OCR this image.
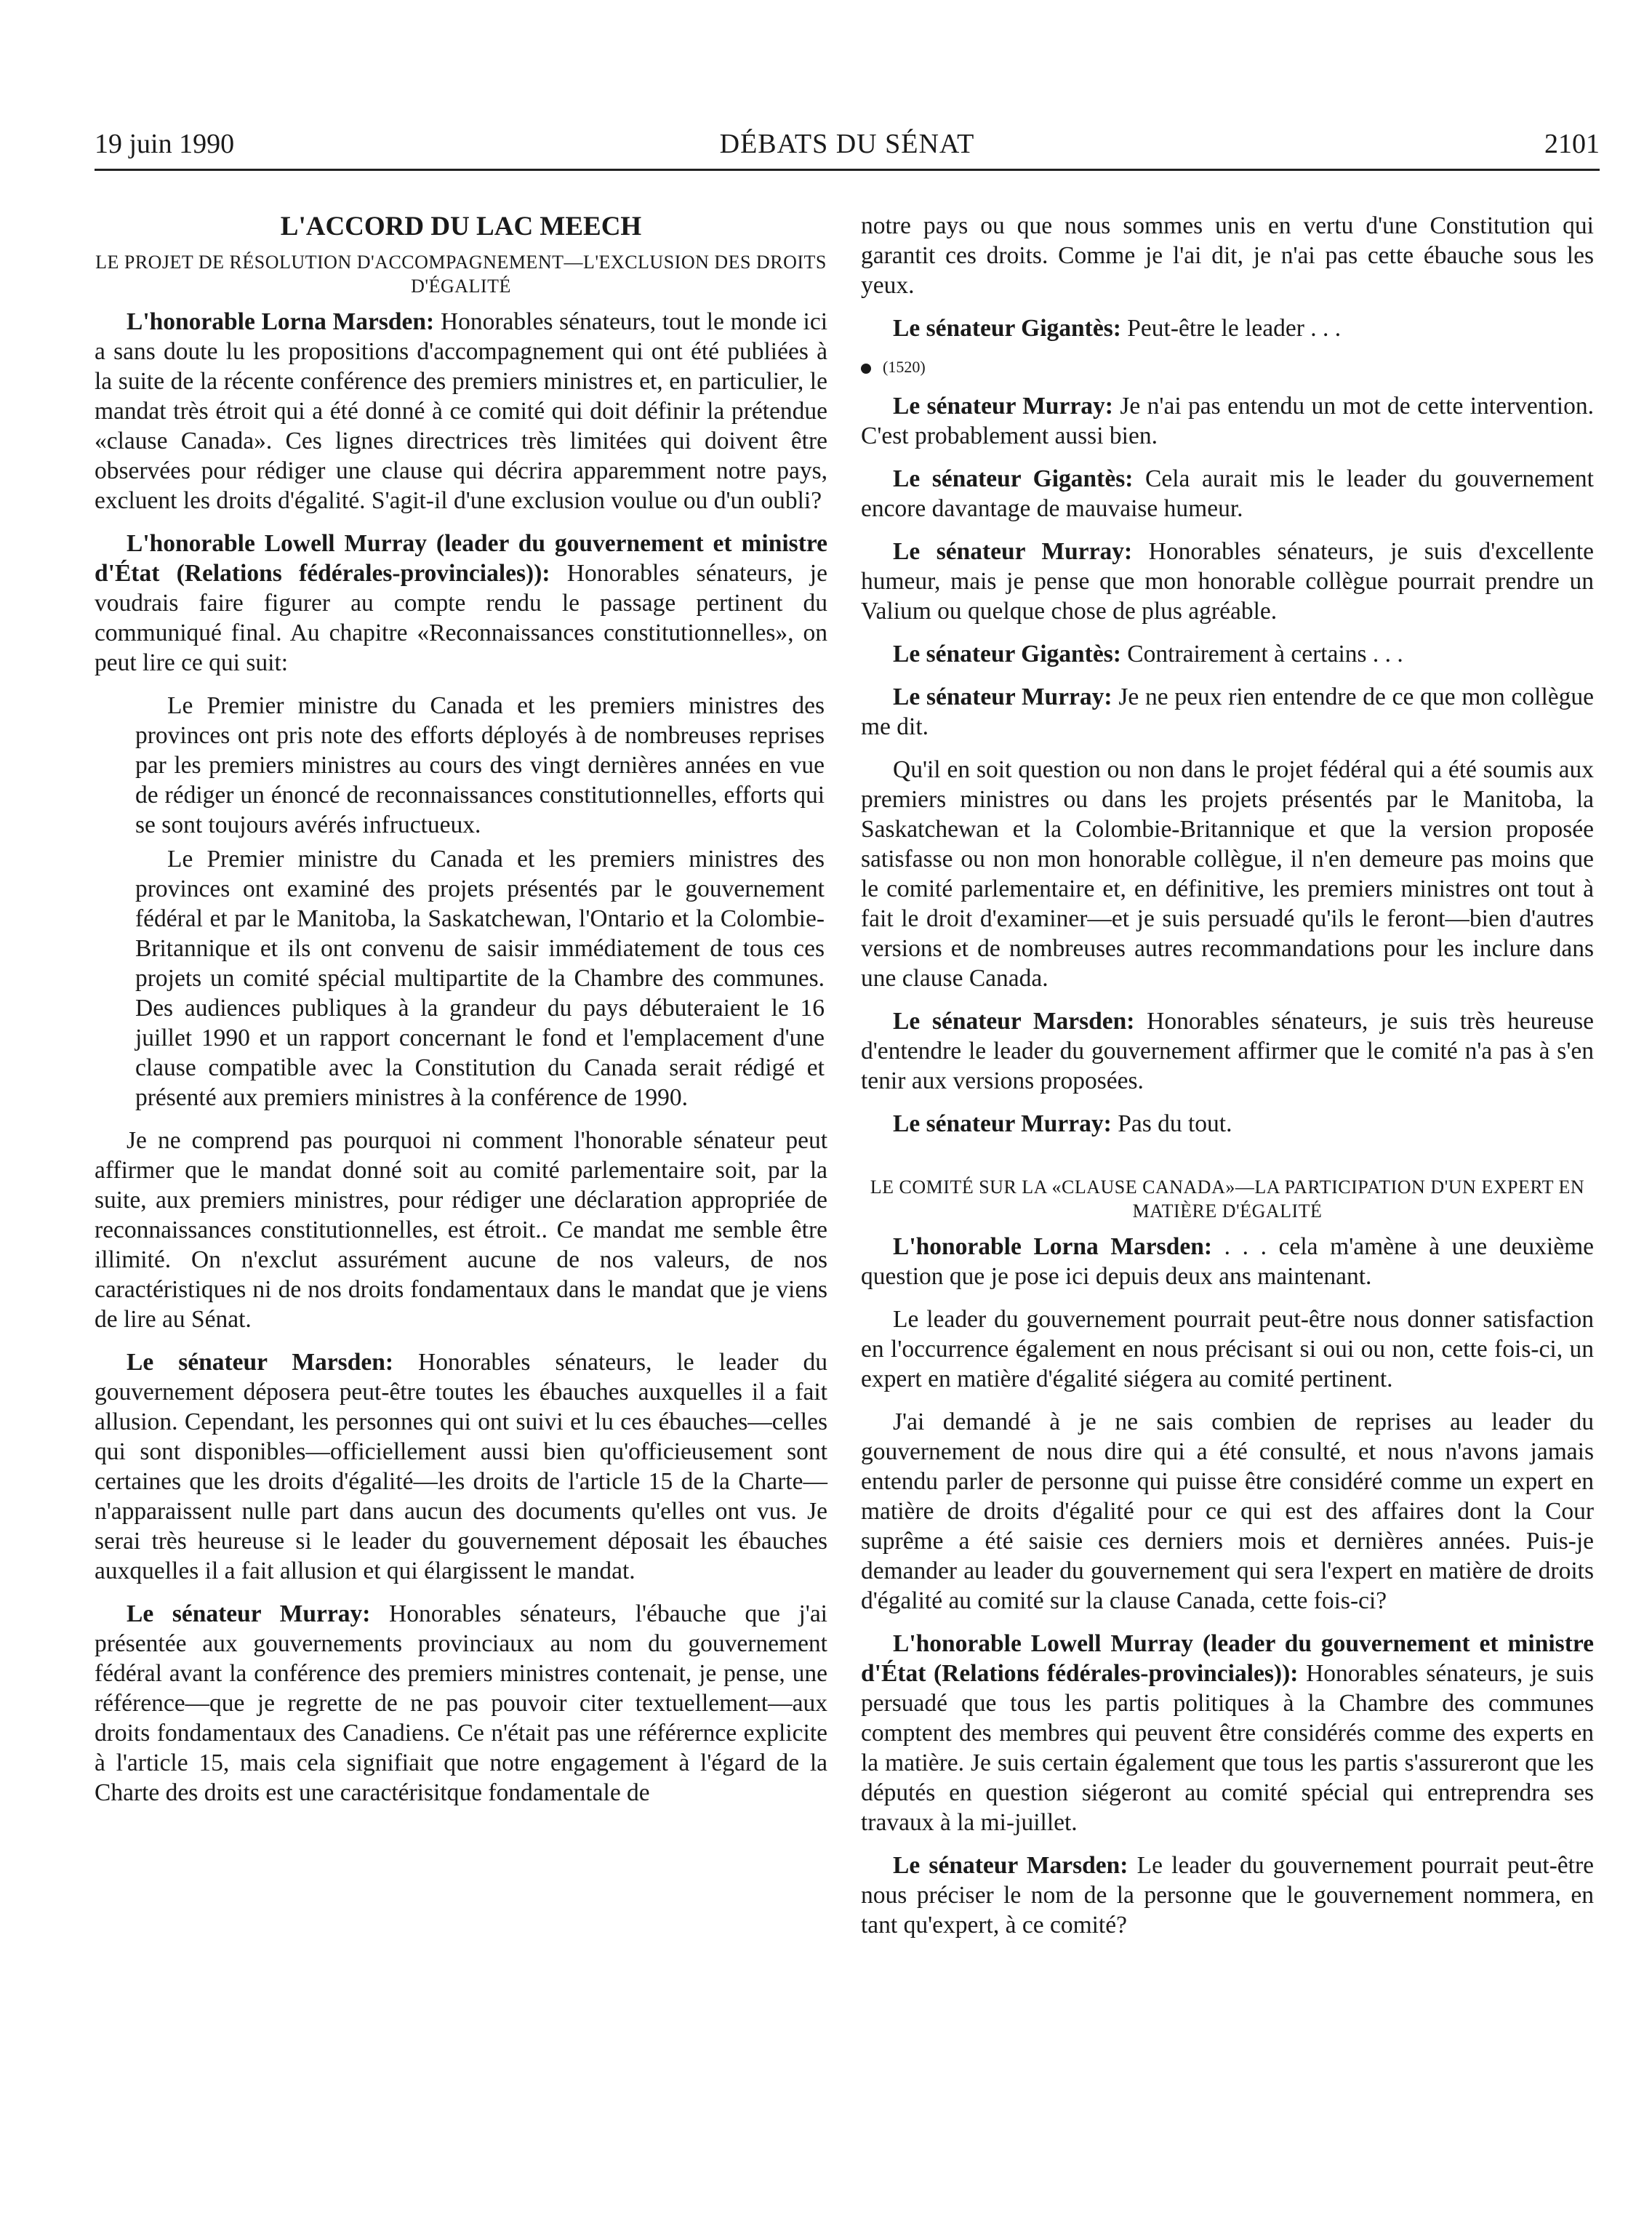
19 juin 1990	DÉBATS DU SÉNAT	2101
L'ACCORD DU LAC MEECH
LE PROJET DE RÉSOLUTION D'ACCOMPAGNEMENT—L'EXCLUSION DES DROITS D'ÉGALITÉ

L'honorable Lorna Marsden: Honorables sénateurs, tout le monde ici a sans doute lu les propositions d'accompagnement qui ont été publiées à la suite de la récente conférence des premiers ministres et, en particulier, le mandat très étroit qui a été donné à ce comité qui doit définir la prétendue «clause Canada». Ces lignes directrices très limitées qui doivent être observées pour rédiger une clause qui décrira apparemment notre pays, excluent les droits d'égalité. S'agit-il d'une exclusion voulue ou d'un oubli?

L'honorable Lowell Murray (leader du gouvernement et ministre d'État (Relations fédérales-provinciales)): Honorables sénateurs, je voudrais faire figurer au compte rendu le passage pertinent du communiqué final. Au chapitre «Reconnaissances constitutionnelles», on peut lire ce qui suit:

Le Premier ministre du Canada et les premiers ministres des provinces ont pris note des efforts déployés à de nombreuses reprises par les premiers ministres au cours des vingt dernières années en vue de rédiger un énoncé de reconnaissances constitutionnelles, efforts qui se sont toujours avérés infructueux.

Le Premier ministre du Canada et les premiers ministres des provinces ont examiné des projets présentés par le gouvernement fédéral et par le Manitoba, la Saskatchewan, l'Ontario et la Colombie-Britannique et ils ont convenu de saisir immédiatement de tous ces projets un comité spécial multipartite de la Chambre des communes. Des audiences publiques à la grandeur du pays débuteraient le 16 juillet 1990 et un rapport concernant le fond et l'emplacement d'une clause compatible avec la Constitution du Canada serait rédigé et présenté aux premiers ministres à la conférence de 1990.

Je ne comprend pas pourquoi ni comment l'honorable sénateur peut affirmer que le mandat donné soit au comité parlementaire soit, par la suite, aux premiers ministres, pour rédiger une déclaration appropriée de reconnaissances constitutionnelles, est étroit.. Ce mandat me semble être illimité. On n'exclut assurément aucune de nos valeurs, de nos caractéristiques ni de nos droits fondamentaux dans le mandat que je viens de lire au Sénat.

Le sénateur Marsden: Honorables sénateurs, le leader du gouvernement déposera peut-être toutes les ébauches auxquelles il a fait allusion. Cependant, les personnes qui ont suivi et lu ces ébauches—celles qui sont disponibles—officiellement aussi bien qu'officieusement sont certaines que les droits d'égalité—les droits de l'article 15 de la Charte—n'apparaissent nulle part dans aucun des documents qu'elles ont vus. Je serai très heureuse si le leader du gouvernement déposait les ébauches auxquelles il a fait allusion et qui élargissent le mandat.

Le sénateur Murray: Honorables sénateurs, l'ébauche que j'ai présentée aux gouvernements provinciaux au nom du gouvernement fédéral avant la conférence des premiers ministres contenait, je pense, une référence—que je regrette de ne pas pouvoir citer textuellement—aux droits fondamentaux des Canadiens. Ce n'était pas une référernce explicite à l'article 15, mais cela signifiait que notre engagement à l'égard de la Charte des droits est une caractérisitque fondamentale de

notre pays ou que nous sommes unis en vertu d'une Constitution qui garantit ces droits. Comme je l'ai dit, je n'ai pas cette ébauche sous les yeux.

Le sénateur Gigantès: Peut-être le leader . . .

(1520)

Le sénateur Murray: Je n'ai pas entendu un mot de cette intervention. C'est probablement aussi bien.

Le sénateur Gigantès: Cela aurait mis le leader du gouvernement encore davantage de mauvaise humeur.

Le sénateur Murray: Honorables sénateurs, je suis d'excellente humeur, mais je pense que mon honorable collègue pourrait prendre un Valium ou quelque chose de plus agréable.

Le sénateur Gigantès: Contrairement à certains . . .

Le sénateur Murray: Je ne peux rien entendre de ce que mon collègue me dit.

Qu'il en soit question ou non dans le projet fédéral qui a été soumis aux premiers ministres ou dans les projets présentés par le Manitoba, la Saskatchewan et la Colombie-Britannique et que la version proposée satisfasse ou non mon honorable collègue, il n'en demeure pas moins que le comité parlementaire et, en définitive, les premiers ministres ont tout à fait le droit d'examiner—et je suis persuadé qu'ils le feront—bien d'autres versions et de nombreuses autres recommandations pour les inclure dans une clause Canada.

Le sénateur Marsden: Honorables sénateurs, je suis très heureuse d'entendre le leader du gouvernement affirmer que le comité n'a pas à s'en tenir aux versions proposées.

Le sénateur Murray: Pas du tout.

LE COMITÉ SUR LA «CLAUSE CANADA»—LA PARTICIPATION D'UN EXPERT EN MATIÈRE D'ÉGALITÉ

L'honorable Lorna Marsden: . . . cela m'amène à une deuxième question que je pose ici depuis deux ans maintenant.

Le leader du gouvernement pourrait peut-être nous donner satisfaction en l'occurrence également en nous précisant si oui ou non, cette fois-ci, un expert en matière d'égalité siégera au comité pertinent.

J'ai demandé à je ne sais combien de reprises au leader du gouvernement de nous dire qui a été consulté, et nous n'avons jamais entendu parler de personne qui puisse être considéré comme un expert en matière de droits d'égalité pour ce qui est des affaires dont la Cour suprême a été saisie ces derniers mois et dernières années. Puis-je demander au leader du gouvernement qui sera l'expert en matière de droits d'égalité au comité sur la clause Canada, cette fois-ci?

L'honorable Lowell Murray (leader du gouvernement et ministre d'État (Relations fédérales-provinciales)): Honorables sénateurs, je suis persuadé que tous les partis politiques à la Chambre des communes comptent des membres qui peuvent être considérés comme des experts en la matière. Je suis certain également que tous les partis s'assureront que les députés en question siégeront au comité spécial qui entreprendra ses travaux à la mi-juillet.

Le sénateur Marsden: Le leader du gouvernement pourrait peut-être nous préciser le nom de la personne que le gouvernement nommera, en tant qu'expert, à ce comité?
